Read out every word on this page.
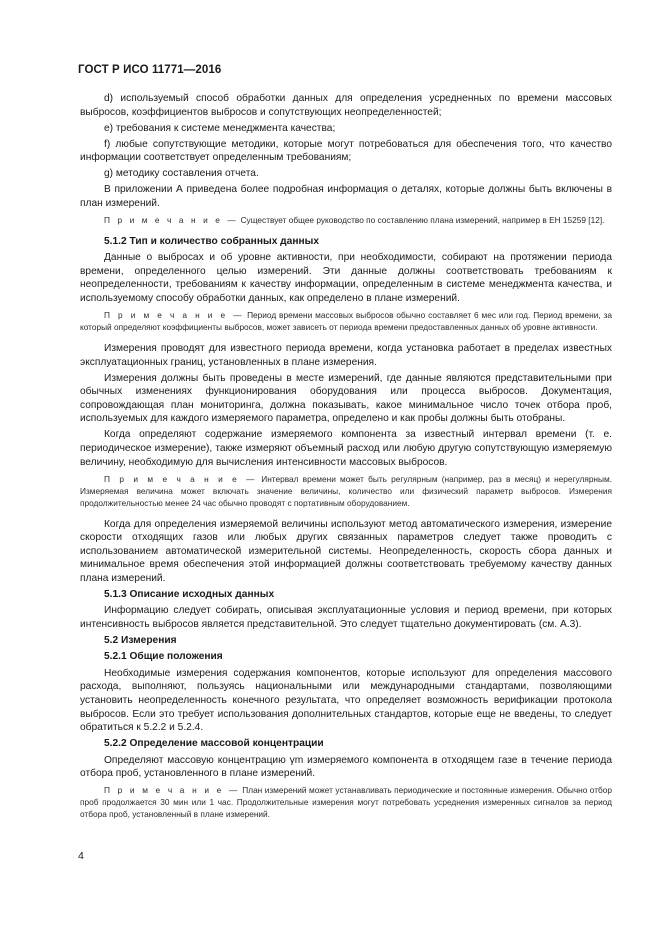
ГОСТ Р ИСО 11771—2016

d) используемый способ обработки данных для определения усредненных по времени массовых выбросов, коэффициентов выбросов и сопутствующих неопределенностей;

e) требования к системе менеджмента качества;

f) любые сопутствующие методики, которые могут потребоваться для обеспечения того, что качество информации соответствует определенным требованиям;

g) методику составления отчета.

В приложении А приведена более подробная информация о деталях, которые должны быть включены в план измерений.

П р и м е ч а н и е — Существует общее руководство по составлению плана измерений, например в EH 15259 [12].

5.1.2 Тип и количество собранных данных

Данные о выбросах и об уровне активности, при необходимости, собирают на протяжении периода времени, определенного целью измерений. Эти данные должны соответствовать требованиям к неопределенности, требованиям к качеству информации, определенным в системе менеджмента качества, и используемому способу обработки данных, как определено в плане измерений.

П р и м е ч а н и е — Период времени массовых выбросов обычно составляет 6 мес или год. Период времени, за который определяют коэффициенты выбросов, может зависеть от периода времени предоставленных данных об уровне активности.

Измерения проводят для известного периода времени, когда установка работает в пределах известных эксплуатационных границ, установленных в плане измерения.

Измерения должны быть проведены в месте измерений, где данные являются представительными при обычных изменениях функционирования оборудования или процесса выбросов. Документация, сопровождающая план мониторинга, должна показывать, какое минимальное число точек отбора проб, используемых для каждого измеряемого параметра, определено и как пробы должны быть отобраны.

Когда определяют содержание измеряемого компонента за известный интервал времени (т. е. периодическое измерение), также измеряют объемный расход или любую другую сопутствующую измеряемую величину, необходимую для вычисления интенсивности массовых выбросов.

П р и м е ч а н и е — Интервал времени может быть регулярным (например, раз в месяц) и нерегулярным. Измеряемая величина может включать значение величины, количество или физический параметр выбросов. Измерения продолжительностью менее 24 час обычно проводят с портативным оборудованием.

Когда для определения измеряемой величины используют метод автоматического измерения, измерение скорости отходящих газов или любых других связанных параметров следует также проводить с использованием автоматической измерительной системы. Неопределенность, скорость сбора данных и минимальное время обеспечения этой информацией должны соответствовать требуемому качеству данных плана измерений.

5.1.3 Описание исходных данных

Информацию следует собирать, описывая эксплуатационные условия и период времени, при которых интенсивность выбросов является представительной. Это следует тщательно документировать (см. А.3).

5.2 Измерения
5.2.1 Общие положения

Необходимые измерения содержания компонентов, которые используют для определения массового расхода, выполняют, пользуясь национальными или международными стандартами, позволяющими установить неопределенность конечного результата, что определяет возможность верификации протокола выбросов. Если это требует использования дополнительных стандартов, которые еще не введены, то следует обратиться к 5.2.2 и 5.2.4.

5.2.2 Определение массовой концентрации

Определяют массовую концентрацию γm измеряемого компонента в отходящем газе в течение периода отбора проб, установленного в плане измерений.

П р и м е ч а н и е — План измерений может устанавливать периодические и постоянные измерения. Обычно отбор проб продолжается 30 мин или 1 час. Продолжительные измерения могут потребовать усреднения измеренных сигналов за период отбора проб, установленный в плане измерений.

4
